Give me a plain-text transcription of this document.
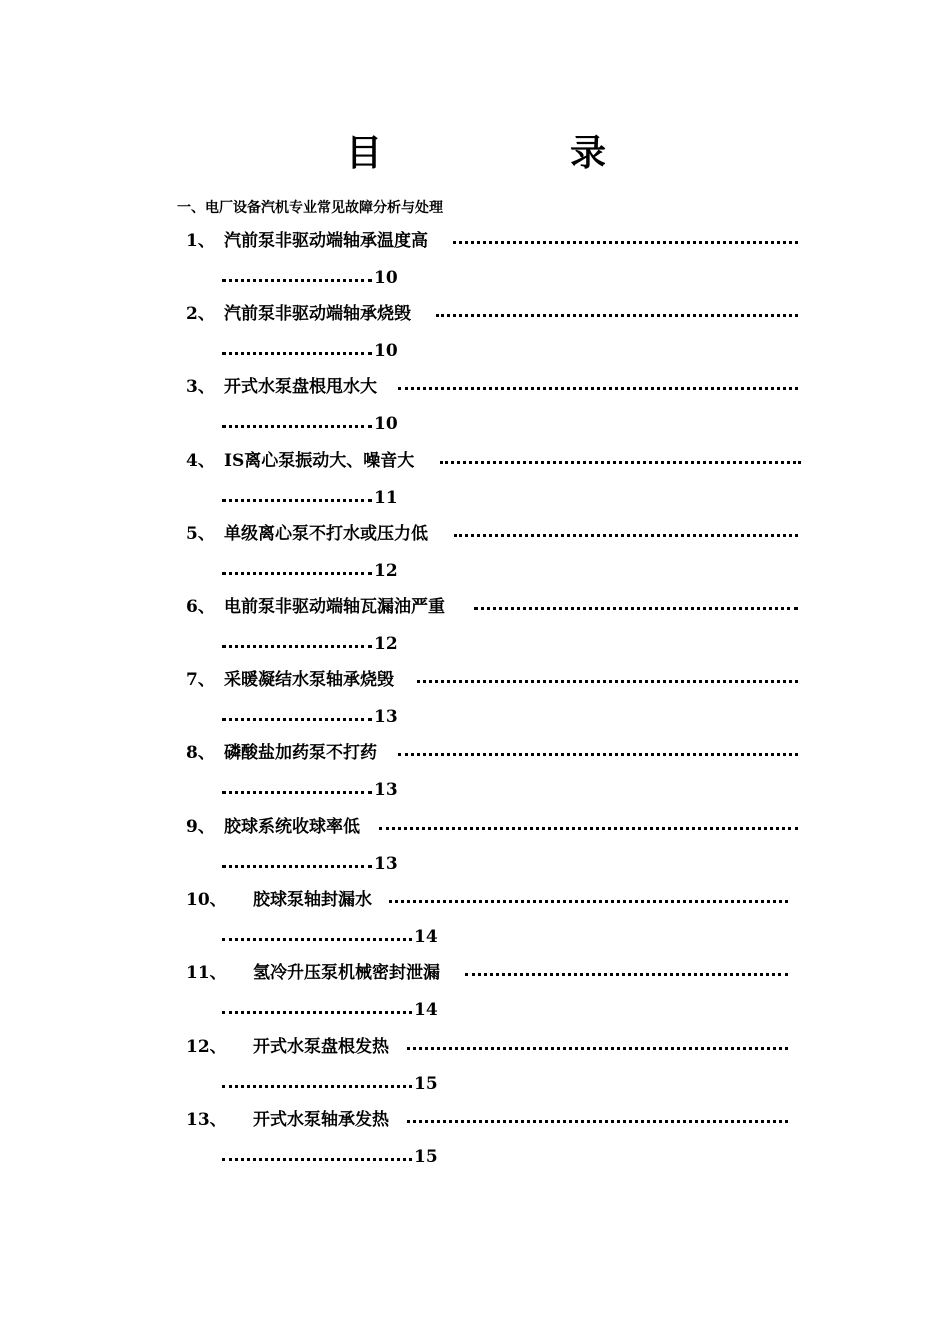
目	录
一、电厂设备汽机专业常见故障分析与处理
1、 汽前泵非驱动端轴承温度高
10
2、 汽前泵非驱动端轴承烧毁
10
3、 开式水泵盘根甩水大
10
4、 IS离心泵振动大、噪音大
11
5、 单级离心泵不打水或压力低
12
6、 电前泵非驱动端轴瓦漏油严重
12
7、 采暖凝结水泵轴承烧毁
13
8、 磷酸盐加药泵不打药
13
9、 胶球系统收球率低
13
10、 胶球泵轴封漏水
14
11、 氢冷升压泵机械密封泄漏
14
12、 开式水泵盘根发热
15
13、 开式水泵轴承发热
15
